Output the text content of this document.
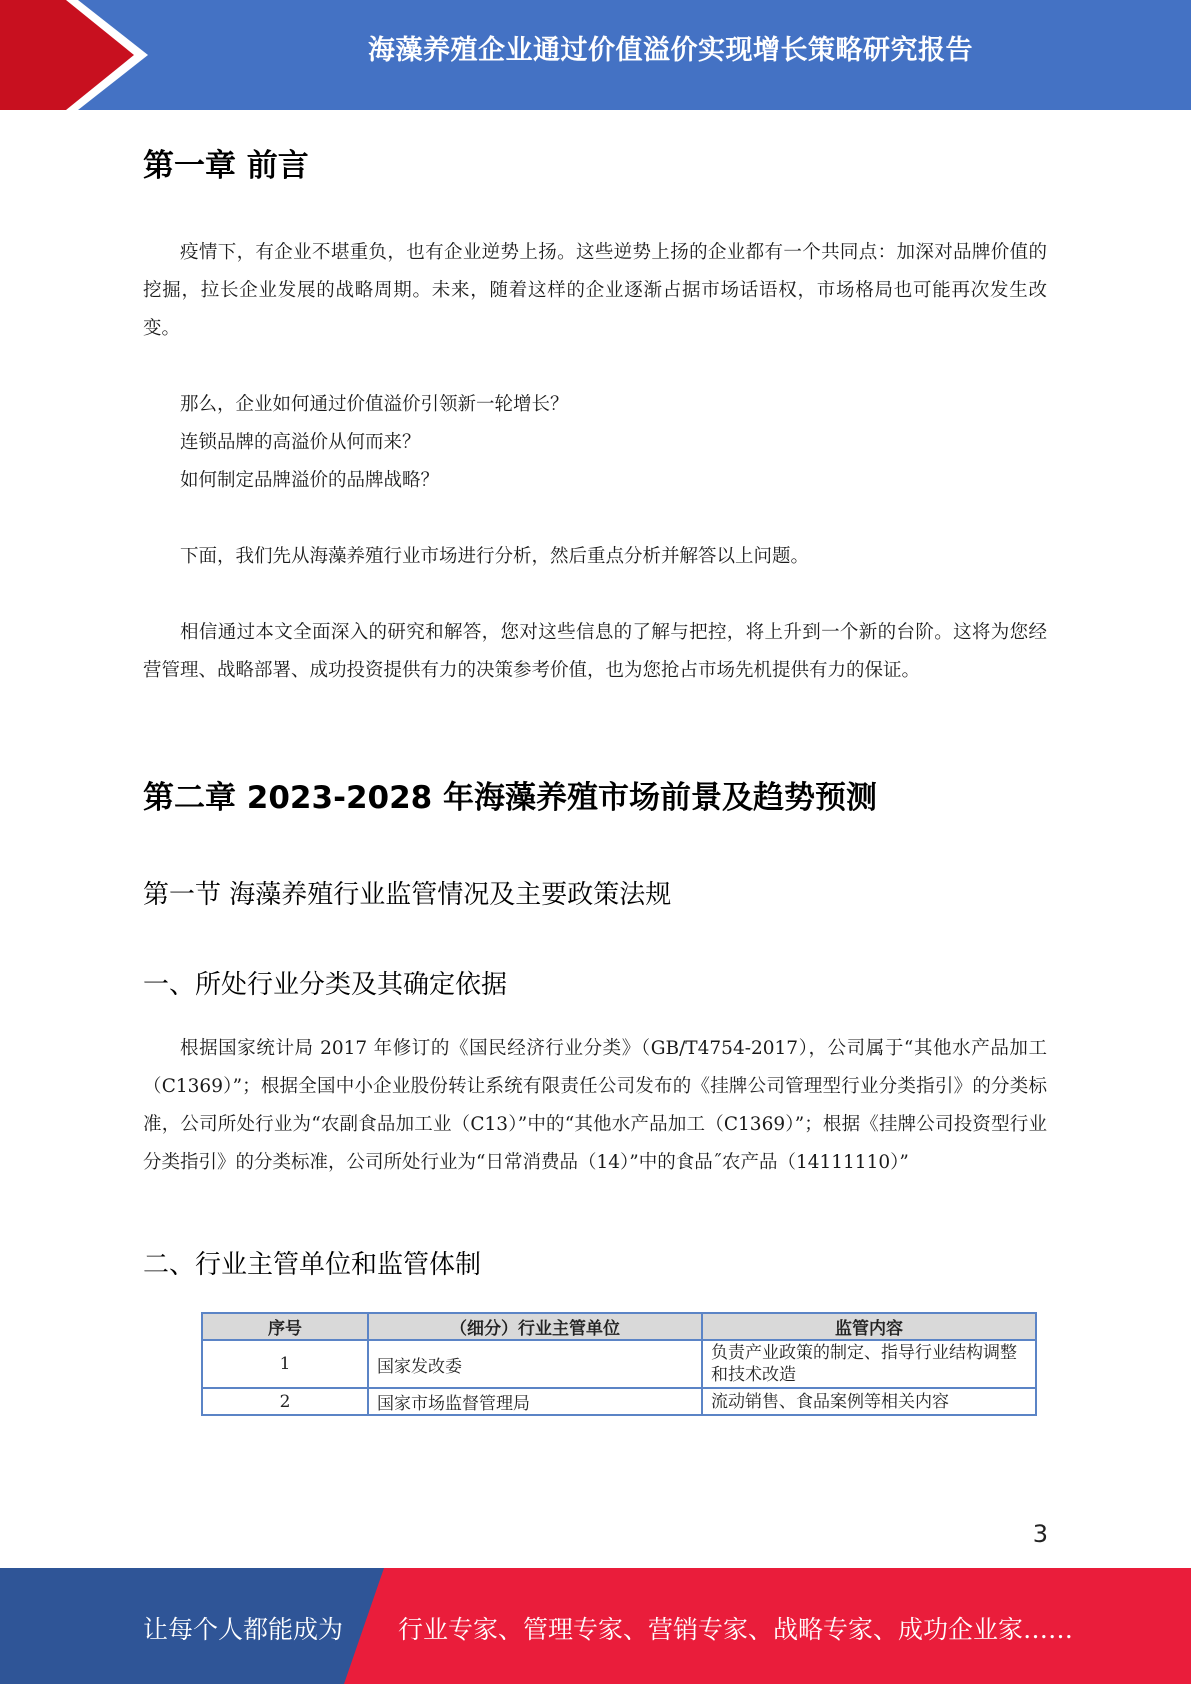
海藻养殖企业通过价值溢价实现增长策略研究报告
第一章 前言

疫情下，有企业不堪重负，也有企业逆势上扬。这些逆势上扬的企业都有一个共同点：加深对品牌价值的挖掘，拉长企业发展的战略周期。未来，随着这样的企业逐渐占据市场话语权，市场格局也可能再次发生改变。

那么，企业如何通过价值溢价引领新一轮增长？

连锁品牌的高溢价从何而来？

如何制定品牌溢价的品牌战略？

下面，我们先从海藻养殖行业市场进行分析，然后重点分析并解答以上问题。

相信通过本文全面深入的研究和解答，您对这些信息的了解与把控，将上升到一个新的台阶。这将为您经营管理、战略部署、成功投资提供有力的决策参考价值，也为您抢占市场先机提供有力的保证。

第二章 2023-2028 年海藻养殖市场前景及趋势预测
第一节 海藻养殖行业监管情况及主要政策法规
一、所处行业分类及其确定依据

根据国家统计局 2017 年修订的《国民经济行业分类》（GB/T4754-2017），公司属于“其他水产品加工（C1369）”；根据全国中小企业股份转让系统有限责任公司发布的《挂牌公司管理型行业分类指引》的分类标准，公司所处行业为“农副食品加工业（C13）”中的“其他水产品加工（C1369）”；根据《挂牌公司投资型行业分类指引》的分类标准，公司所处行业为“日常消费品（14）”中的食品˝农产品（14111110）”

二、行业主管单位和监管体制
序号	（细分）行业主管单位	监管内容
1	国家发改委	负责产业政策的制定、指导行业结构调整和技术改造
2	国家市场监督管理局	流动销售、食品案例等相关内容
3
让每个人都能成为 行业专家、管理专家、营销专家、战略专家、成功企业家……
